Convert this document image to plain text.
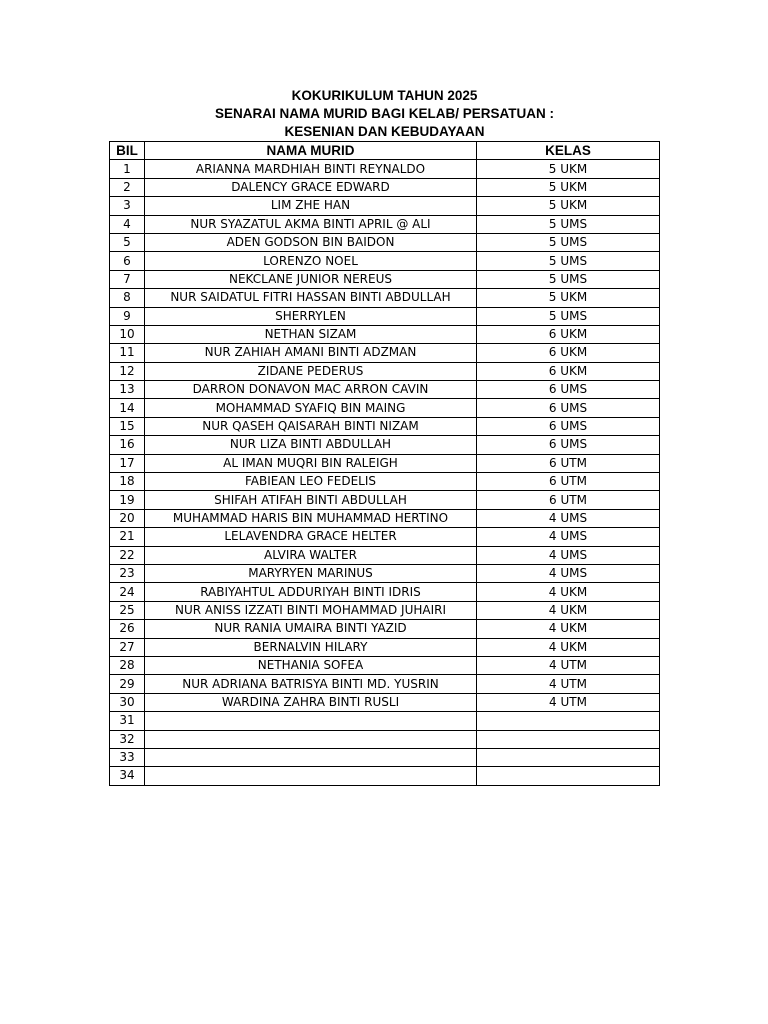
KOKURIKULUM TAHUN 2025
SENARAI NAMA MURID BAGI KELAB/ PERSATUAN :
KESENIAN DAN KEBUDAYAAN
BIL	NAMA MURID	KELAS
1	ARIANNA MARDHIAH BINTI REYNALDO	5 UKM
2	DALENCY GRACE EDWARD	5 UKM
3	LIM ZHE HAN	5 UKM
4	NUR SYAZATUL AKMA BINTI APRIL @ ALI	5 UMS
5	ADEN GODSON BIN BAIDON	5 UMS
6	LORENZO NOEL	5 UMS
7	NEKCLANE JUNIOR NEREUS	5 UMS
8	NUR SAIDATUL FITRI HASSAN BINTI ABDULLAH	5 UKM
9	SHERRYLEN	5 UMS
10	NETHAN SIZAM	6 UKM
11	NUR ZAHIAH AMANI BINTI ADZMAN	6 UKM
12	ZIDANE PEDERUS	6 UKM
13	DARRON DONAVON MAC ARRON CAVIN	6 UMS
14	MOHAMMAD SYAFIQ BIN MAING	6 UMS
15	NUR QASEH QAISARAH BINTI NIZAM	6 UMS
16	NUR LIZA BINTI ABDULLAH	6 UMS
17	AL IMAN MUQRI BIN RALEIGH	6 UTM
18	FABIEAN LEO FEDELIS	6 UTM
19	SHIFAH ATIFAH BINTI ABDULLAH	6 UTM
20	MUHAMMAD HARIS BIN MUHAMMAD HERTINO	4 UMS
21	LELAVENDRA GRACE HELTER	4 UMS
22	ALVIRA WALTER	4 UMS
23	MARYRYEN MARINUS	4 UMS
24	RABIYAHTUL ADDURIYAH BINTI IDRIS	4 UKM
25	NUR ANISS IZZATI BINTI MOHAMMAD JUHAIRI	4 UKM
26	NUR RANIA UMAIRA BINTI YAZID	4 UKM
27	BERNALVIN HILARY	4 UKM
28	NETHANIA SOFEA	4 UTM
29	NUR ADRIANA BATRISYA BINTI MD. YUSRIN	4 UTM
30	WARDINA ZAHRA BINTI RUSLI	4 UTM
31		
32		
33		
34		
